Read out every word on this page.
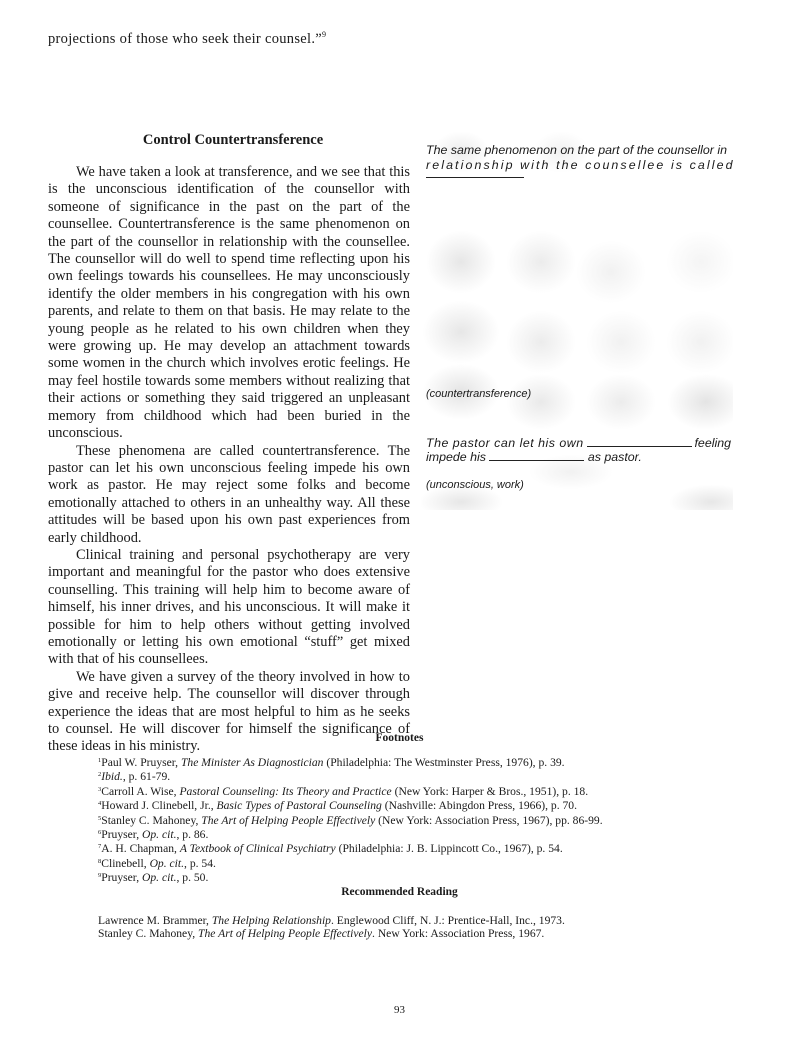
projections of those who seek their counsel.”$^9$
Control Countertransference

We have taken a look at transference, and we see that this is the unconscious identification of the counsellor with someone of significance in the past on the part of the counsellee. Countertransference is the same phenomenon on the part of the counsellor in relationship with the counsellee. The counsellor will do well to spend time reflecting upon his own feelings towards his counsellees. He may unconsciously identify the older members in his congregation with his own parents, and relate to them on that basis. He may relate to the young people as he related to his own children when they were growing up. He may develop an attachment towards some women in the church which involves erotic feelings. He may feel hostile towards some members without realizing that their actions or something they said triggered an unpleasant memory from childhood which had been buried in the unconscious.

These phenomena are called countertransference. The pastor can let his own unconscious feeling impede his own work as pastor. He may reject some folks and become emotionally attached to others in an unhealthy way. All these attitudes will be based upon his own past experiences from early childhood.

Clinical training and personal psychotherapy are very important and meaningful for the pastor who does extensive counselling. This training will help him to become aware of himself, his inner drives, and his unconscious. It will make it possible for him to help others without getting involved emotionally or letting his own emotional “stuff” get mixed with that of his counsellees.

We have given a survey of the theory involved in how to give and receive help. The counsellor will discover through experience the ideas that are most helpful to him as he seeks to counsel. He will discover for himself the significance of these ideas in his ministry.

The same phenomenon on the part of the counsellor in
relationship with the counsellee is called
(countertransference)
The pastor can let his own	feeling
impede his	as pastor.
(unconscious, work)
Footnotes
$^1$Paul W. Pruyser, The Minister As Diagnostician (Philadelphia: The Westminster Press, 1976), p. 39.
$^2$Ibid., p. 61-79.
$^3$Carroll A. Wise, Pastoral Counseling: Its Theory and Practice (New York: Harper & Bros., 1951), p. 18.
$^4$Howard J. Clinebell, Jr., Basic Types of Pastoral Counseling (Nashville: Abingdon Press, 1966), p. 70.
$^5$Stanley C. Mahoney, The Art of Helping People Effectively (New York: Association Press, 1967), pp. 86-99.
$^6$Pruyser, Op. cit., p. 86.
$^7$A. H. Chapman, A Textbook of Clinical Psychiatry (Philadelphia: J. B. Lippincott Co., 1967), p. 54.
$^8$Clinebell, Op. cit., p. 54.
$^9$Pruyser, Op. cit., p. 50.
Recommended Reading
Lawrence M. Brammer, The Helping Relationship. Englewood Cliff, N. J.: Prentice-Hall, Inc., 1973.
Stanley C. Mahoney, The Art of Helping People Effectively. New York: Association Press, 1967.
93
